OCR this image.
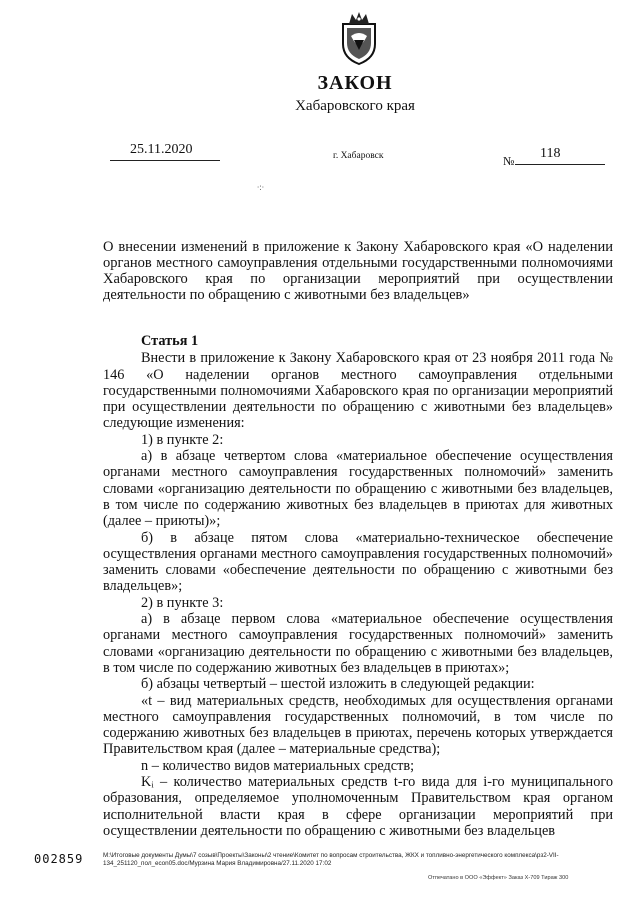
ЗАКОН
Хабаровского края
25.11.2020	г. Хабаровск	№ 118
∙:∙
О внесении изменений в приложение к Закону Хабаровского края «О наделении органов местного самоуправления отдельными государственными полномочиями Хабаровского края по организации мероприятий при осуществлении деятельности по обращению с животными без владельцев»

Статья 1

Внести в приложение к Закону Хабаровского края от 23 ноября 2011 года № 146 «О наделении органов местного самоуправления отдельными государственными полномочиями Хабаровского края по организации мероприятий при осуществлении деятельности по обращению с животными без владельцев» следующие изменения:

1) в пункте 2:

а) в абзаце четвертом слова «материальное обеспечение осуществления органами местного самоуправления государственных полномочий» заменить словами «организацию деятельности по обращению с животными без владельцев, в том числе по содержанию животных без владельцев в приютах для животных (далее – приюты)»;

б) в абзаце пятом слова «материально-техническое обеспечение осуществления органами местного самоуправления государственных полномочий» заменить словами «обеспечение деятельности по обращению с животными без владельцев»;

2) в пункте 3:

а) в абзаце первом слова «материальное обеспечение осуществления органами местного самоуправления государственных полномочий» заменить словами «организацию деятельности по обращению с животными без владельцев, в том числе по содержанию животных без владельцев в приютах»;

б) абзацы четвертый – шестой изложить в следующей редакции:

«t – вид материальных средств, необходимых для осуществления органами местного самоуправления государственных полномочий, в том числе по содержанию животных без владельцев в приютах, перечень которых утверждается Правительством края (далее – материальные средства);

n – количество видов материальных средств;

Kᵢ – количество материальных средств t-го вида для i-го муниципального образования, определяемое уполномоченным Правительством края органом исполнительной власти края в сфере организации мероприятий при осуществлении деятельности по обращению с животными без владельцев

002859	М:\Итоговые документы Думы\7 созыв\Проекты\Законы\2 чтение\Комитет по вопросам строительства, ЖКХ и топливно-энергетического комплекса\рз2-VII-134_251120_пол_econ05.doc/Мурзина Мария Владимировна/27.11.2020 17:02
Отпечатано в ООО «Эффект» Заказ X-709 Тираж 300
